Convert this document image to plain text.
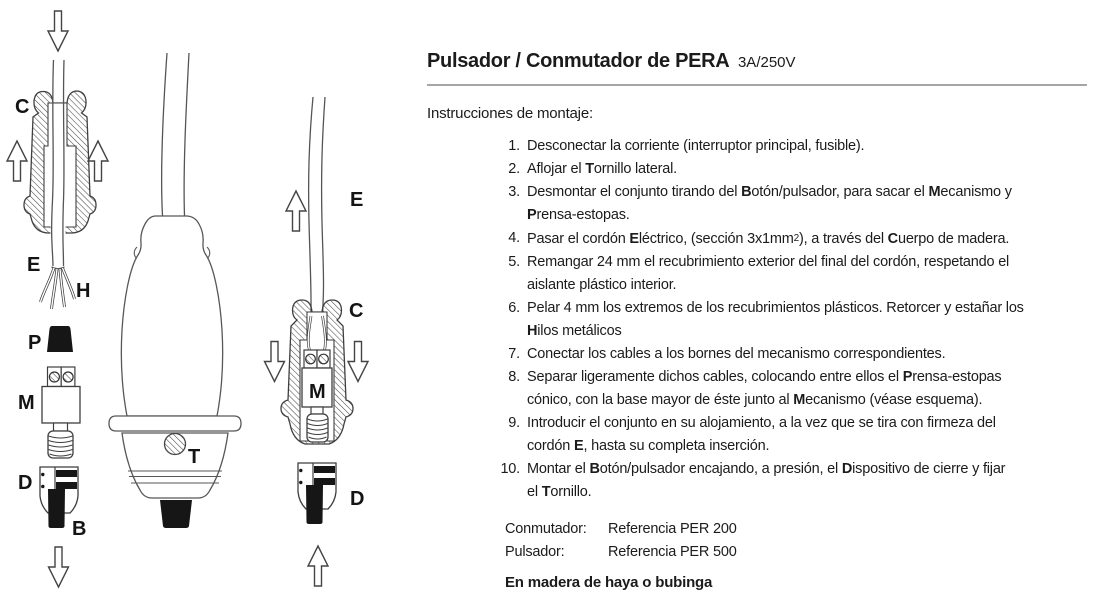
C
E
H
P
M
D
B
T
E
C
M
D
Pulsador / Conmutador de PERA 3A/250V

Instrucciones de montaje:

1. Desconectar la corriente (interruptor principal, fusible).
2. Aflojar el Tornillo lateral.
3. Desmontar el conjunto tirando del Botón/pulsador, para sacar el Mecanismo y
Prensa-estopas.
4. Pasar el cordón Eléctrico, (sección 3x1mm2), a través del Cuerpo de madera.
5. Remangar 24 mm el recubrimiento exterior del final del cordón, respetando el
aislante plástico interior.
6. Pelar 4 mm los extremos de los recubrimientos plásticos. Retorcer y estañar los
Hilos metálicos
7. Conectar los cables a los bornes del mecanismo correspondientes.
8. Separar ligeramente dichos cables, colocando entre ellos el Prensa-estopas
cónico, con la base mayor de éste junto al Mecanismo (véase esquema).
9. Introducir el conjunto en su alojamiento, a la vez que se tira con firmeza del
cordón E, hasta su completa inserción.
10. Montar el Botón/pulsador encajando, a presión, el Dispositivo de cierre y fijar
el Tornillo.
Conmutador:	Referencia PER 200
Pulsador:	Referencia PER 500

En madera de haya o bubinga
